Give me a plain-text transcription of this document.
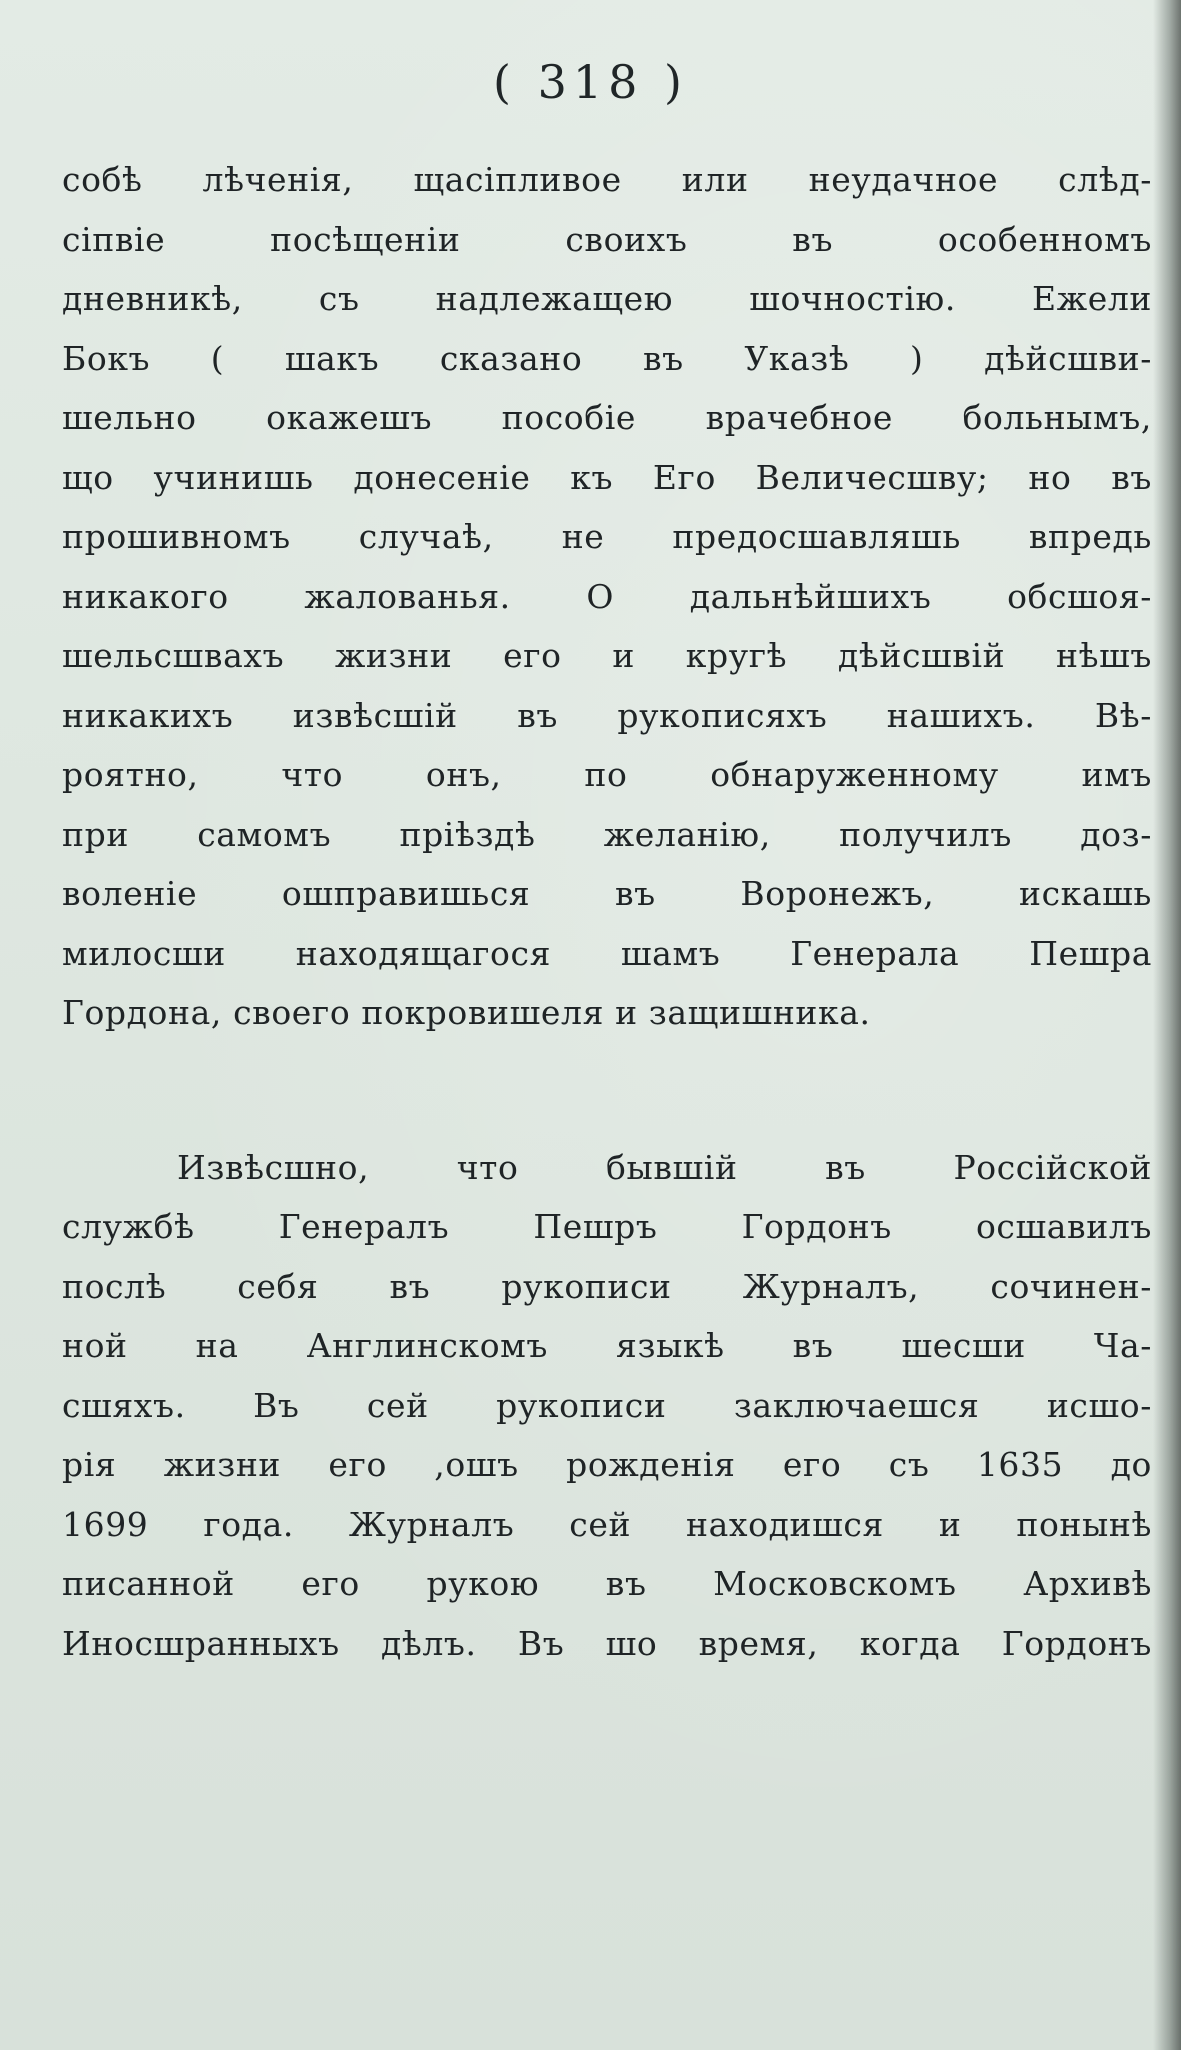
( 318 )
собѣ лѣченія, щасіпливое или неудачное слѣд-
сіпвіе посѣщеніи своихъ въ особенномъ
дневникѣ, съ надлежащею шочностію. Ежели
Бокъ ( шакъ сказано въ Указѣ ) дѣйсшви-
шельно окажешъ пособіе врачебное больнымъ,
що учинишь донесеніе къ Его Величесшву; но въ
прошивномъ случаѣ, не предосшавляшь впредь
никакого жалованья. О дальнѣйшихъ обсшоя-
шельсшвахъ жизни его и кругѣ дѣйсшвій нѣшъ
никакихъ извѣсшій въ рукописяхъ нашихъ. Вѣ-
роятно, что онъ, по обнаруженному имъ
при самомъ пріѣздѣ желанію, получилъ доз-
воленіе ошправишься въ Воронежъ, искашь
милосши находящагося шамъ Генерала Пешра
Гордона, своего покровишеля и защишника.
Извѣсшно, что бывшій въ Россійской
службѣ Генералъ Пешръ Гордонъ осшавилъ
послѣ себя въ рукописи Журналъ, сочинен-
ной на Англинскомъ языкѣ въ шесши Ча-
сшяхъ. Въ сей рукописи заключаешся исшо-
рія жизни его ,ошъ рожденія его съ 1635 до
1699 года. Журналъ сей находишся и понынѣ
писанной его рукою въ Московскомъ Архивѣ
Иносшранныхъ дѣлъ. Въ шо время, когда Гордонъ
